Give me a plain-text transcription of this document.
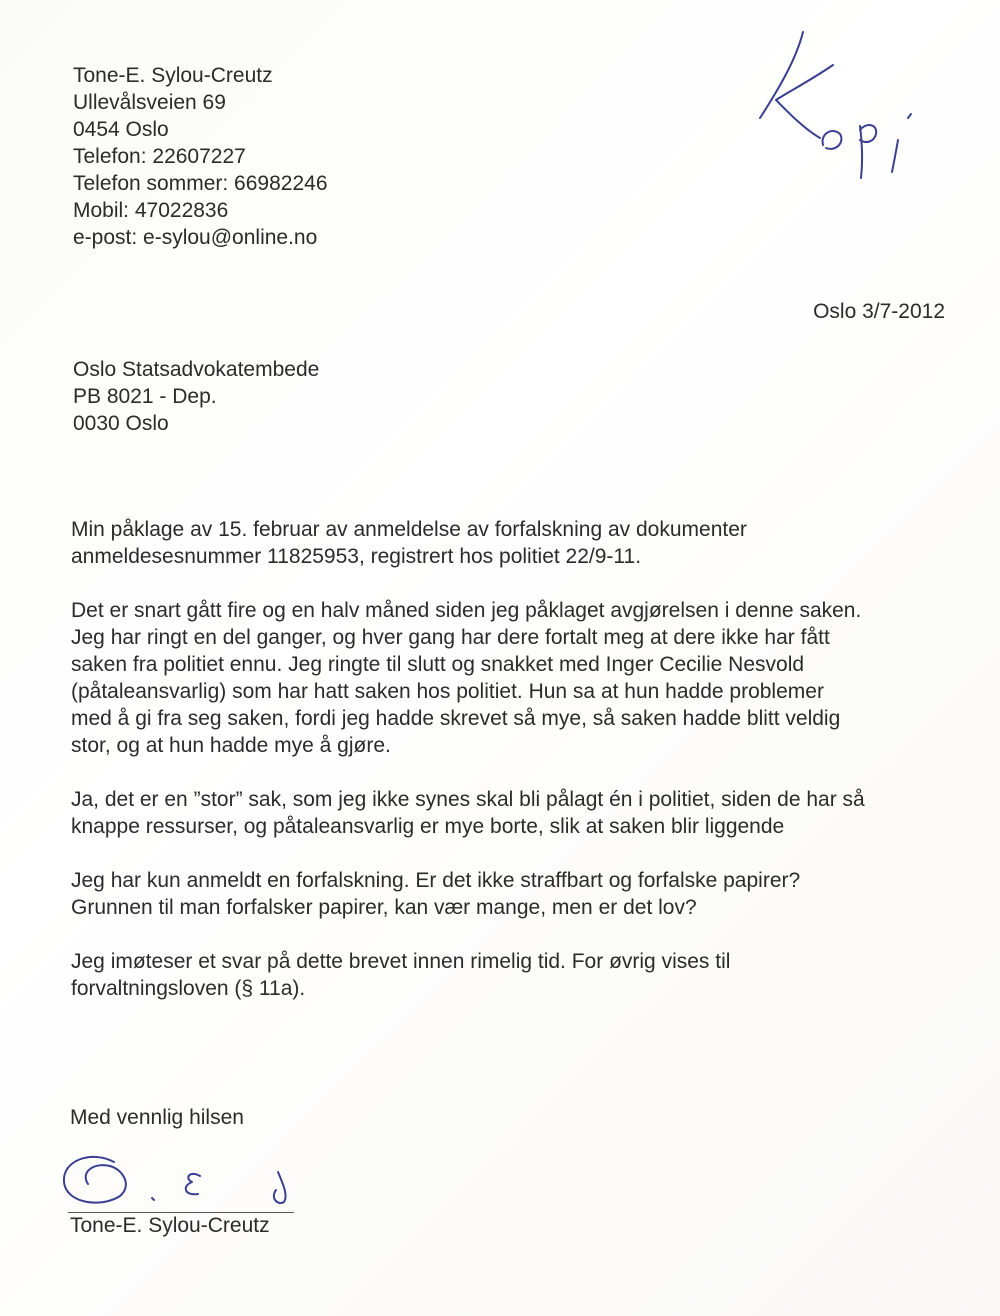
Tone-E. Sylou-Creutz
Ullevålsveien 69
0454 Oslo
Telefon: 22607227
Telefon sommer: 66982246
Mobil: 47022836
e-post: e-sylou@online.no
Oslo 3/7-2012
Oslo Statsadvokatembede
PB 8021 - Dep.
0030 Oslo

Min påklage av 15. februar av anmeldelse av forfalskning av dokumenter
anmeldesesnummer 11825953, registrert hos politiet 22/9-11.

Det er snart gått fire og en halv måned siden jeg påklaget avgjørelsen i denne saken.
Jeg har ringt en del ganger, og hver gang har dere fortalt meg at dere ikke har fått
saken fra politiet ennu. Jeg ringte til slutt og snakket med Inger Cecilie Nesvold
(påtaleansvarlig) som har hatt saken hos politiet. Hun sa at hun hadde problemer
med å gi fra seg saken, fordi jeg hadde skrevet så mye, så saken hadde blitt veldig
stor, og at hun hadde mye å gjøre.

Ja, det er en ”stor” sak, som jeg ikke synes skal bli pålagt én i politiet, siden de har så
knappe ressurser, og påtaleansvarlig er mye borte, slik at saken blir liggende

Jeg har kun anmeldt en forfalskning. Er det ikke straffbart og forfalske papirer?
Grunnen til man forfalsker papirer, kan vær mange, men er det lov?

Jeg imøteser et svar på dette brevet innen rimelig tid. For øvrig vises til
forvaltningsloven (§ 11a).

Med vennlig hilsen
Tone-E. Sylou-Creutz
